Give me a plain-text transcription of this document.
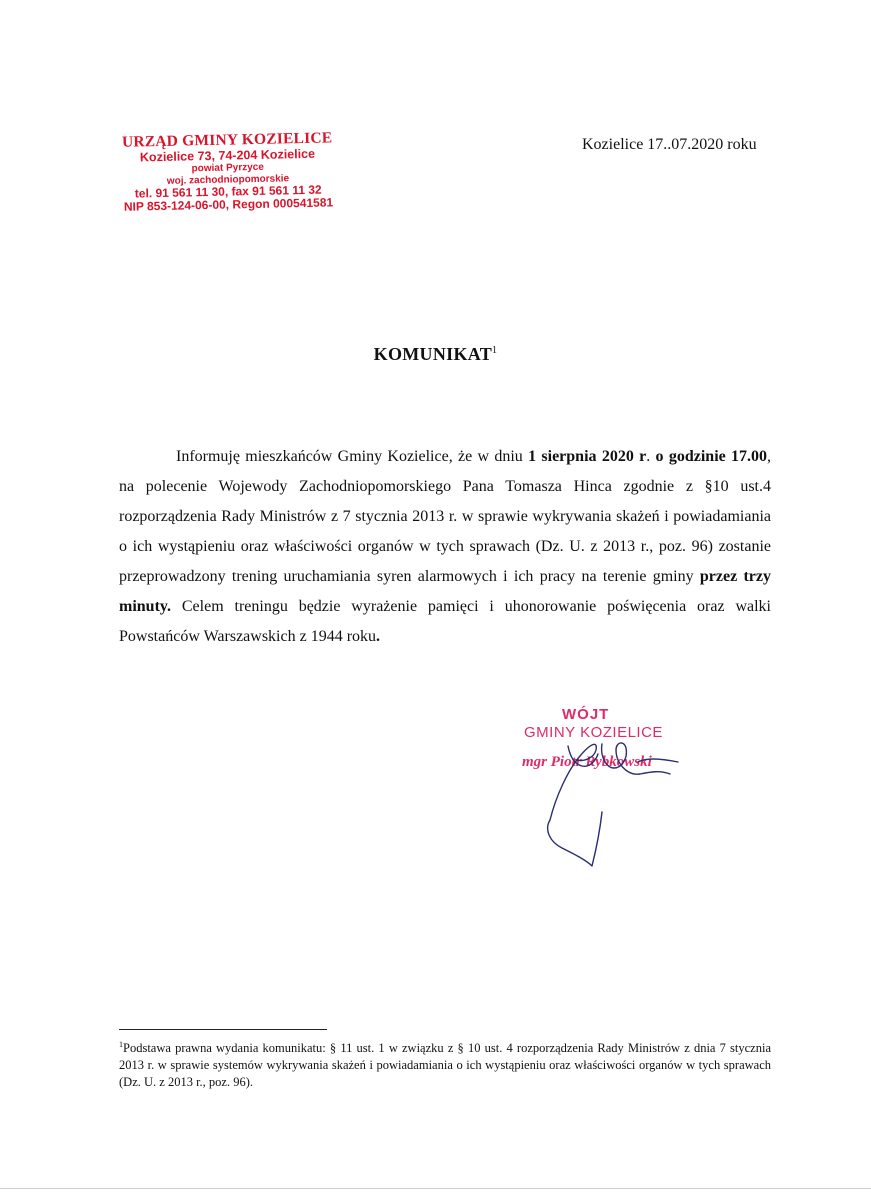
URZĄD GMINY KOZIELICE
Kozielice 73, 74-204 Kozielice
powiat Pyrzyce
woj. zachodniopomorskie
tel. 91 561 11 30, fax 91 561 11 32
NIP 853-124-06-00, Regon 000541581
Kozielice 17..07.2020 roku
KOMUNIKAT$^1$
Informuję mieszkańców Gminy Kozielice, że w dniu 1 sierpnia 2020 r. o godzinie 17.00, na polecenie Wojewody Zachodniopomorskiego Pana Tomasza Hinca zgodnie z §10 ust.4 rozporządzenia Rady Ministrów z 7 stycznia 2013 r. w sprawie wykrywania skażeń i powiadamiania o ich wystąpieniu oraz właściwości organów w tych sprawach (Dz. U. z 2013 r., poz. 96) zostanie przeprowadzony trening uruchamiania syren alarmowych i ich pracy na terenie gminy przez trzy minuty. Celem treningu będzie wyrażenie pamięci i uhonorowanie poświęcenia oraz walki Powstańców Warszawskich z 1944 roku.
WÓJT
GMINY KOZIELICE
mgr Piotr Rybkowski
$^1$Podstawa prawna wydania komunikatu: § 11 ust. 1 w związku z § 10 ust. 4 rozporządzenia Rady Ministrów z dnia 7 stycznia 2013 r. w sprawie systemów wykrywania skażeń i powiadamiania o ich wystąpieniu oraz właściwości organów w tych sprawach (Dz. U. z 2013 r., poz. 96).
